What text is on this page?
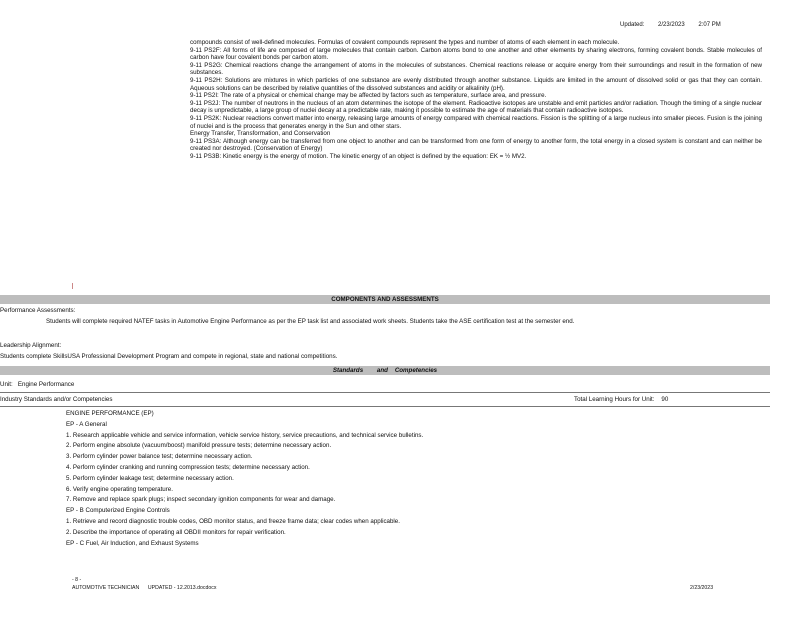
Updated: 2/23/2023 2:07 PM

compounds consist of well-defined molecules. Formulas of covalent compounds represent the types and number of atoms of each element in each molecule.

9-11 PS2F: All forms of life are composed of large molecules that contain carbon. Carbon atoms bond to one another and other elements by sharing electrons, forming covalent bonds. Stable molecules of carbon have four covalent bonds per carbon atom.

9-11 PS2G: Chemical reactions change the arrangement of atoms in the molecules of substances. Chemical reactions release or acquire energy from their surroundings and result in the formation of new substances.

9-11 PS2H: Solutions are mixtures in which particles of one substance are evenly distributed through another substance. Liquids are limited in the amount of dissolved solid or gas that they can contain. Aqueous solutions can be described by relative quantities of the dissolved substances and acidity or alkalinity (pH).

9-11 PS2I: The rate of a physical or chemical change may be affected by factors such as temperature, surface area, and pressure.

9-11 PS2J: The number of neutrons in the nucleus of an atom determines the isotope of the element. Radioactive isotopes are unstable and emit particles and/or radiation. Though the timing of a single nuclear decay is unpredictable, a large group of nuclei decay at a predictable rate, making it possible to estimate the age of materials that contain radioactive isotopes.

9-11 PS2K: Nuclear reactions convert matter into energy, releasing large amounts of energy compared with chemical reactions. Fission is the splitting of a large nucleus into smaller pieces. Fusion is the joining of nuclei and is the process that generates energy in the Sun and other stars.

Energy Transfer, Transformation, and Conservation

9-11 PS3A: Although energy can be transferred from one object to another and can be transformed from one form of energy to another form, the total energy in a closed system is constant and can neither be created nor destroyed. (Conservation of Energy)

9-11 PS3B: Kinetic energy is the energy of motion. The kinetic energy of an object is defined by the equation: EK = ½ MV2.

COMPONENTS AND ASSESSMENTS
Performance Assessments:
Students will complete required NATEF tasks in Automotive Engine Performance as per the EP task list and associated work sheets. Students take the ASE certification test at the semester end.
Leadership Alignment:
Students complete SkillsUSA Professional Development Program and compete in regional, state and national competitions.
Standards and Competencies
Unit: Engine Performance
Industry Standards and/or Competencies	Total Learning Hours for Unit: 90
ENGINE PERFORMANCE (EP)
EP - A General
1. Research applicable vehicle and service information, vehicle service history, service precautions, and technical service bulletins.
2. Perform engine absolute (vacuum/boost) manifold pressure tests; determine necessary action.
3. Perform cylinder power balance test; determine necessary action.
4. Perform cylinder cranking and running compression tests; determine necessary action.
5. Perform cylinder leakage test; determine necessary action.
6. Verify engine operating temperature.
7. Remove and replace spark plugs; inspect secondary ignition components for wear and damage.
EP - B Computerized Engine Controls
1. Retrieve and record diagnostic trouble codes, OBD monitor status, and freeze frame data; clear codes when applicable.
2. Describe the importance of operating all OBDII monitors for repair verification.
EP - C Fuel, Air Induction, and Exhaust Systems
- 8 -
AUTOMOTIVE TECHNICIAN UPDATED - 12.2013.docdocx	2/23/2023
